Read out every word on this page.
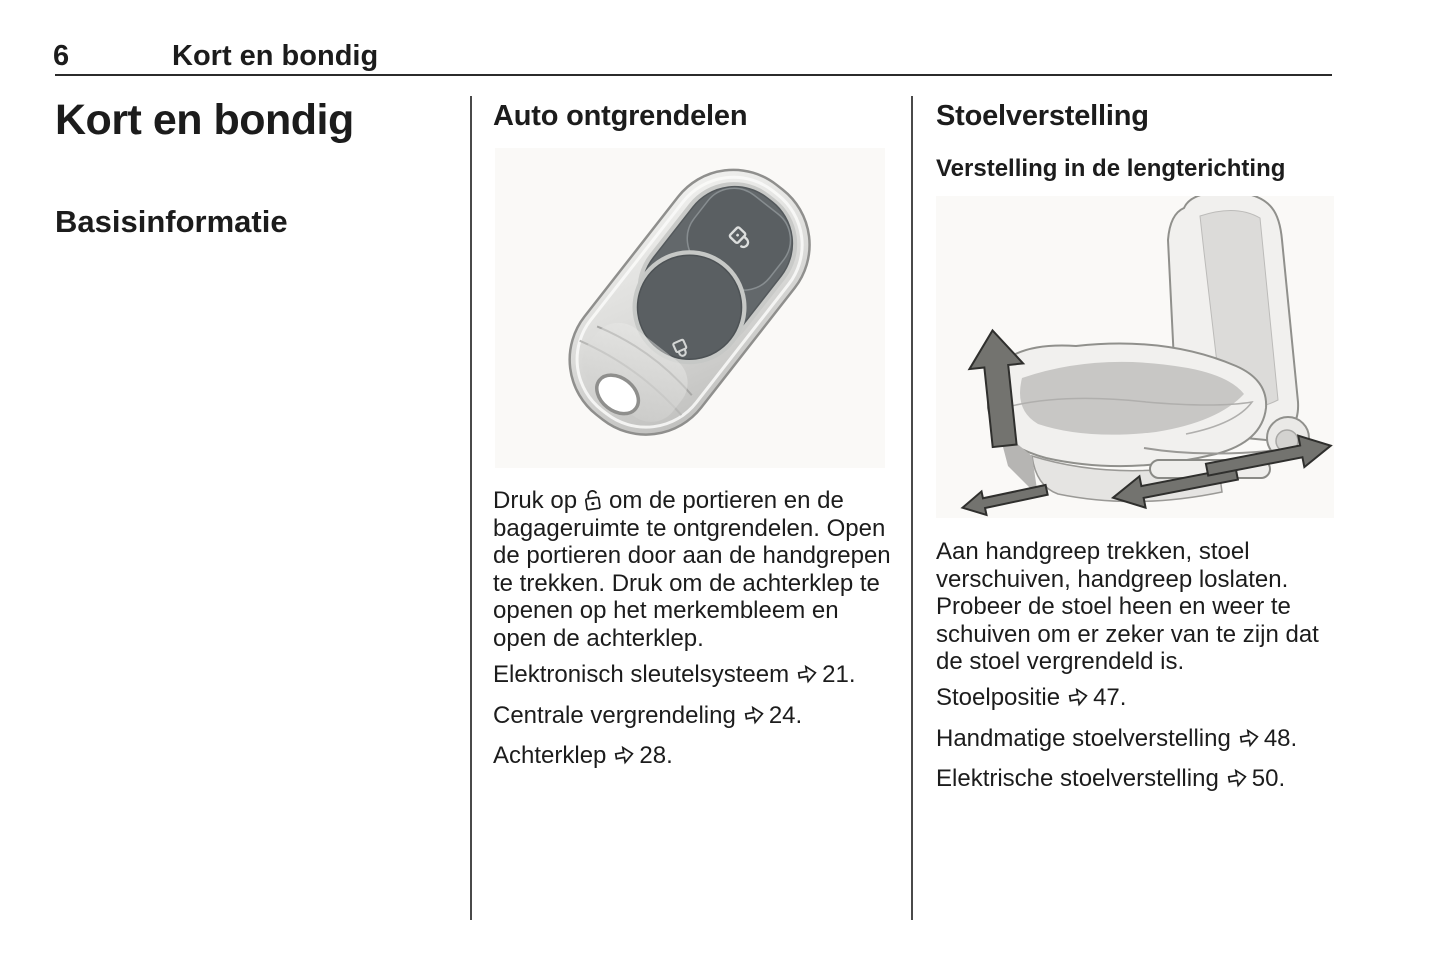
6	Kort en bondig
Kort en bondig
Basisinformatie
Auto ontgrendelen

Druk op om de portieren en de bagageruimte te ontgrendelen. Open de portieren door aan de handgrepen te trekken. Druk om de achterklep te openen op het merkembleem en open de achterklep.

Elektronisch sleutelsysteem 21.

Centrale vergrendeling 24.

Achterklep 28.

Stoelverstelling
Verstelling in de lengterichting

Aan handgreep trekken, stoel verschuiven, handgreep loslaten. Probeer de stoel heen en weer te schuiven om er zeker van te zijn dat de stoel vergrendeld is.

Stoelpositie 47.

Handmatige stoelverstelling 48.

Elektrische stoelverstelling 50.
